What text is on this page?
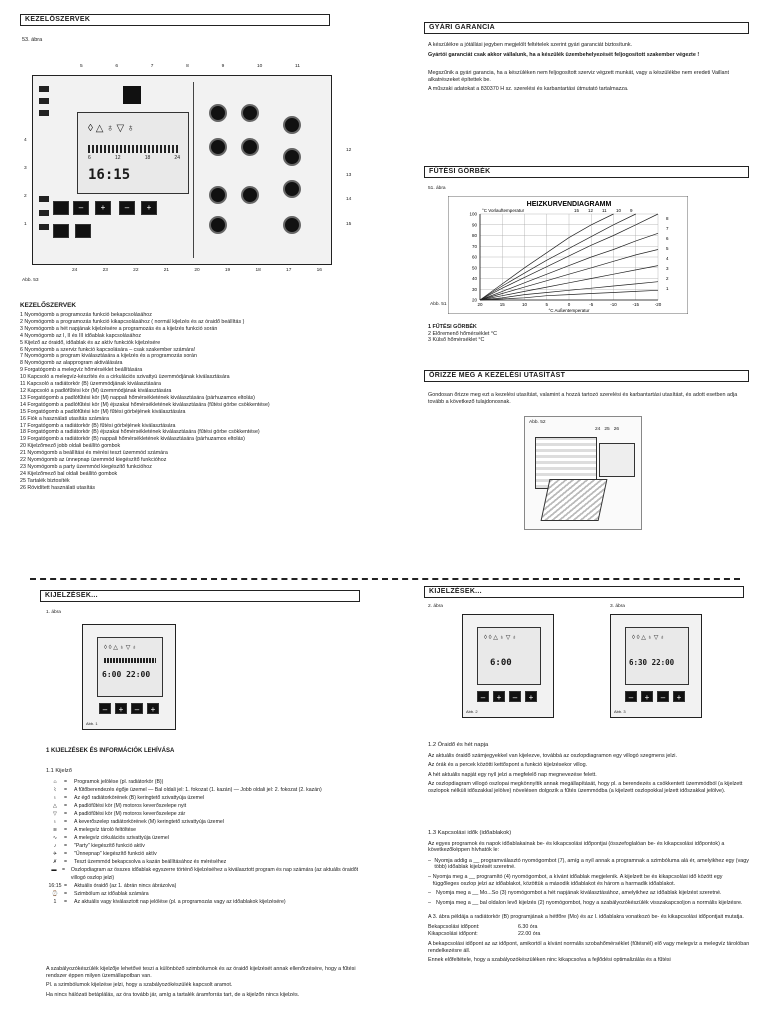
KEZELŐSZERVEK
53. ábra
◊ △ ♁ ▽ ♁
6	12	18	24
16:15
–	+	–	+
5	6	7	8	9	10	11
4
3
2
1
12
13
14
15
24	23	22	21	20	19	18	17	16
Abb. 53
KEZELŐSZERVEK
1 Nyomógomb a programozás funkció bekapcsolásához
2 Nyomógomb a programozás funkció kikapcsolásához ( normál kijelzés és az óraidő beállítás )
3 Nyomógomb a hét napjának kijelzésére a programozás és a kijelzés funkció során
4 Nyomógomb az I, II és III időablak kapcsolásához
5 Kijelző az óraidő, időablak és az aktív funkciók kijelzésére
6 Nyomógomb a szerviz funkció kapcsolására – csak szakember számára!
7 Nyomógomb a program kiválasztására a kijelzés és a programozás során
8 Nyomógomb az alapprogram aktiválására
9 Forgatógomb a melegvíz hőmérséklet beállítására
10 Kapcsoló a melegvíz-készítés és a cirkulációs szivattyú üzemmódjának kiválasztására
11 Kapcsoló a radiátorkör (B) üzemmódjának kiválasztására
12 Kapcsoló a padlófűtési kör (M) üzemmódjának kiválasztására
13 Forgatógomb a padlófűtési kör (M) nappali hőmérsékletének kiválasztására (párhuzamos eltolás)
14 Forgatógomb a padlófűtési kör (M) éjszakai hőmérsékletének kiválasztására (fűtési görbe csökkentése)
15 Forgatógomb a padlófűtési kör (M) fűtési görbéjének kiválasztására
16 Fiók a használati utasítás számára
17 Forgatógomb a radiátorkör (B) fűtési görbéjének kiválasztására
18 Forgatógomb a radiátorkör (B) éjszakai hőmérsékletének kiválasztására (fűtési görbe csökkentése)
19 Forgatógomb a radiátorkör (B) nappali hőmérsékletének kiválasztására (párhuzamos eltolás)
20 Kijelzőmező jobb oldali beállító gombok
21 Nyomógomb a beállítási és mérési teszt üzemmód számára
22 Nyomógomb az ünnepnap üzemmód kiegészítő funkcióhoz
23 Nyomógomb a party üzemmód kiegészítő funkcióhoz
24 Kijelzőmező bal oldali beállító gombok
25 Tartalék biztosíték
26 Rövidített használati utasítás
GYÁRI GARANCIA
A készülékre a jótállási jegyben megjelölt feltételek szerint gyári garanciát biztosítunk.
Gyártói garanciát csak akkor vállalunk, ha a készülék üzembehelyezését feljogosított szakember végezte !
Megszűnik a gyári garancia, ha a készüléken nem feljogosított szerviz végzett munkát, vagy a készülékbe nem eredeti Vaillant alkatrészeket építettek be.
A műszaki adatokat a 830370 H sz. szerelési és karbantartási útmutató tartalmazza.
FŰTÉSI GÖRBÉK
51. ábra
HEIZKURVENDIAGRAMM
°C Vorlauftemperatur
°C Außentemperatur
20
30
40
50
60
70
80
90
100
20	15	10	5	0	-5	-10	-15	-20
15 12 11 10 9
8
7
6
5
4
3
2
1
Abb. 51
1 FŰTÉSI GÖRBÉK
2 Előremenő hőmérséklet °C
3 Külső hőmérséklet °C
ŐRIZZE MEG A KEZELÉSI UTASÍTÁST
Gondosan őrizze meg ezt a kezelési utasítást, valamint a hozzá tartozó szerelési és karbantartási utasítást, és adott esetben adja tovább a következő tulajdonosnak.
Abb. 52
24 25 26
KIJELZÉSEK...
1. ábra
◊ ◊ △ ♁ ▽ ♁
6:00 22:00
–	+	–	+
Abb. 1
1 KIJELZÉSEK ÉS INFORMÁCIÓK LEHÍVÁSA
1.1 Kijelző
⌂	=	Programok jelölése (pl. radiátorkör (B))
⌇	=	A fűtőberendezés égője üzemel — Bal oldali jel: 1. fokozat (1. kazán) — Jobb oldali jel: 2. fokozat (2. kazán)
♁	=	Az égő radiátorkörének (B) keringtető szivattyúja üzemel
△	=	A padlófűtési kör (M) motoros keverőszelepe nyit
▽	=	A padlófűtési kör (M) motoros keverőszelepe zár
♁	=	A keverőszelep radiátorkörének (M) keringtető szivattyúja üzemel
≋	=	A melegvíz tároló feltöltése
∿	=	A melegvíz cirkulációs szivattyúja üzemel
♪	=	"Party" kiegészítő funkció aktív
✈	=	"Ünnepnap" kiegészítő funkció aktív
✗	=	Teszt üzemmód bekapcsolva a kazán beállításához és méréséhez
▬	=	Oszlopdiagram az összes időablak egyszerre történő kijelzéséhez a kiválasztott program és nap számára (az aktuális óraidőt villogó oszlop jelzi)
16:15 =	Aktuális óraidő (az 1. ábrán nincs ábrázolva)
⌚	=	Szimbólum az időablak számára
1	=	Az aktuális vagy kiválasztott nap jelölése (pl. a programozás vagy az időablakok kijelzésére)
A szabályozókészülék kijelzője lehetővé teszi a különböző szimbólumok és az óraidő kijelzését annak ellenőrzésére, hogy a fűtési rendszer éppen milyen üzemállapotban van.
Pl. a szimbólumok kijelzése jelzi, hogy a szabályozókészülék kapcsolt aramot.
Ha nincs hálózati betáplálás, az óra tovább jár, amíg a tartalék áramforrás tart, de a kijelzőn nincs kijelzés.
KIJELZÉSEK...
2. ábra	3. ábra
◊ ◊ △ ♁ ▽ ♁
6:00
–	+	–	+
Abb. 2
◊ ◊ △ ♁ ▽ ♁
6:30 22:00
–	+	–	+
Abb. 3
1.2 Óraidő és hét napja
Az aktuális óraidő számjegyekkel van kijelezve, továbbá az oszlopdiagramon egy villogó szegmens jelzi.
Az órák és a percek közötti kettőspont a funkció kijelzésekor villog.
A hét aktuális napját egy nyíl jelzi a megfelelő nap megnevezése felett.
Az oszlopdiagram villogó oszlopai megkönnyítik annak megállapítását, hogy pl. a berendezés a csökkentett üzemmódból (a kijelzett oszlopok nélküli időszakkal jelölve) növelésen dolgozik a fűtés üzemmódba (a kijelzett oszlopokkal jelzett időszakkal jelölve).
1.3 Kapcsolási idők (időablakok)
Az egyes programok és napok időablakainak be- és kikapcsolási időpontjai (összefoglalóan be- és kikapcsolási időpontok) a következőképpen hívhatók le:
– Nyomja addig a __ programválasztó nyomógombot (7), amíg a nyíl annak a programnak a szimbóluma alá ér, amelyikhez egy (vagy több) időablak kijelzését szeretné.
– Nyomja meg a __ programító (4) nyomógombot, a kívánt időablak megjelenik. A kijelzett be és kikapcsolási idő között egy függőleges oszlop jelzi az időablakot, közöttük a második időablakot és három a harmadik időablakot.
– Nyomja meg a __ Mo...So (3) nyomógombot a hét napjának kiválasztásához, amelyikhez az időablak kijelzést szeretné.
– Nyomja meg a __ bal oldalon levő kijelzés (2) nyomógombot, hogy a szabályozókészülék visszakapcsoljon a normális kijelzésre.
A 3. ábra példája a radiátorkör (B) programjának a hétfőre (Mo) és az I. időablakra vonatkozó be- és kikapcsolási időpontjait mutatja.
Bekapcsolási időpont:	6.30 óra
Kikapcsolási időpont:	22.00 óra
A bekapcsolási időpont az az időpont, amikortól a kívánt normális szobahőmérséklet (fűtésnél) elő vagy melegvíz a melegvíz tárolóban rendelkezésre áll.
Ennek előfeltétele, hogy a szabályozókészüléken ninc kikapcsolva a fejlődési optimalizálás és a fűtési
